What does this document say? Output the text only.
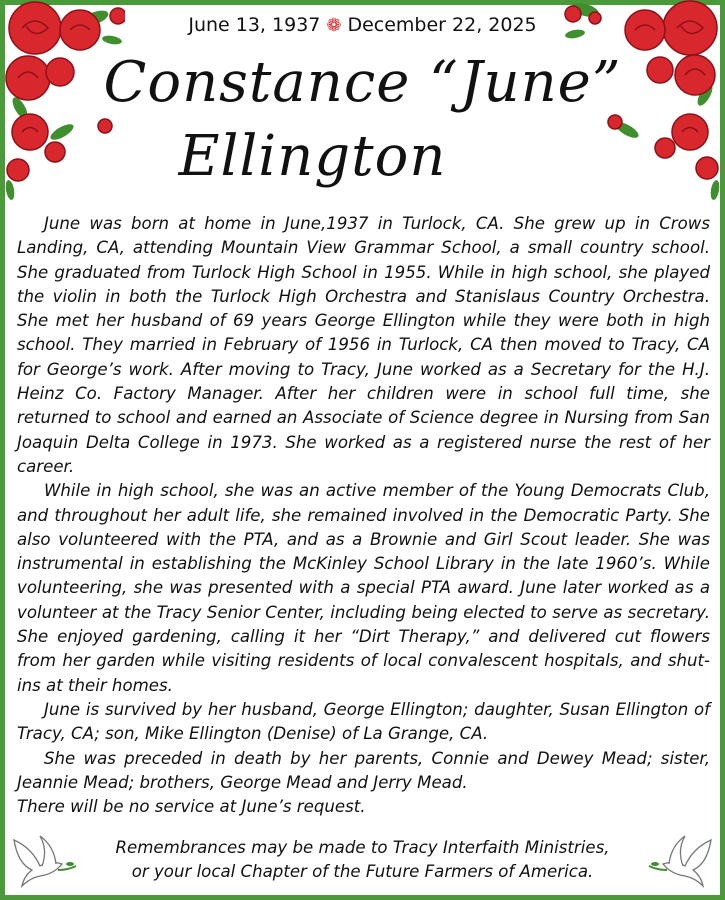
June 13, 1937 ❁ December 22, 2025
Constance “June”
Ellington

June was born at home in June,1937 in Turlock, CA. She grew up in Crows Landing, CA, attending Mountain View Grammar School, a small country school. She graduated from Turlock High School in 1955. While in high school, she played the violin in both the Turlock High Orchestra and Stanislaus Country Orchestra. She met her husband of 69 years George Ellington while they were both in high school. They married in February of 1956 in Turlock, CA then moved to Tracy, CA for George’s work. After moving to Tracy, June worked as a Secretary for the H.J. Heinz Co. Factory Manager. After her children were in school full time, she returned to school and earned an Associate of Science degree in Nursing from San Joaquin Delta College in 1973. She worked as a registered nurse the rest of her career.

While in high school, she was an active member of the Young Democrats Club, and throughout her adult life, she remained involved in the Democratic Party. She also volunteered with the PTA, and as a Brownie and Girl Scout leader. She was instrumental in establishing the McKinley School Library in the late 1960’s. While volunteering, she was presented with a special PTA award. June later worked as a volunteer at the Tracy Senior Center, including being elected to serve as secretary. She enjoyed gardening, calling it her “Dirt Therapy,” and delivered cut flowers from her garden while visiting residents of local convalescent hospitals, and shut-ins at their homes.

June is survived by her husband, George Ellington; daughter, Susan Ellington of Tracy, CA; son, Mike Ellington (Denise) of La Grange, CA.

She was preceded in death by her parents, Connie and Dewey Mead; sister, Jeannie Mead; brothers, George Mead and Jerry Mead.

There will be no service at June’s request.

Remembrances may be made to Tracy Interfaith Ministries,
or your local Chapter of the Future Farmers of America.
